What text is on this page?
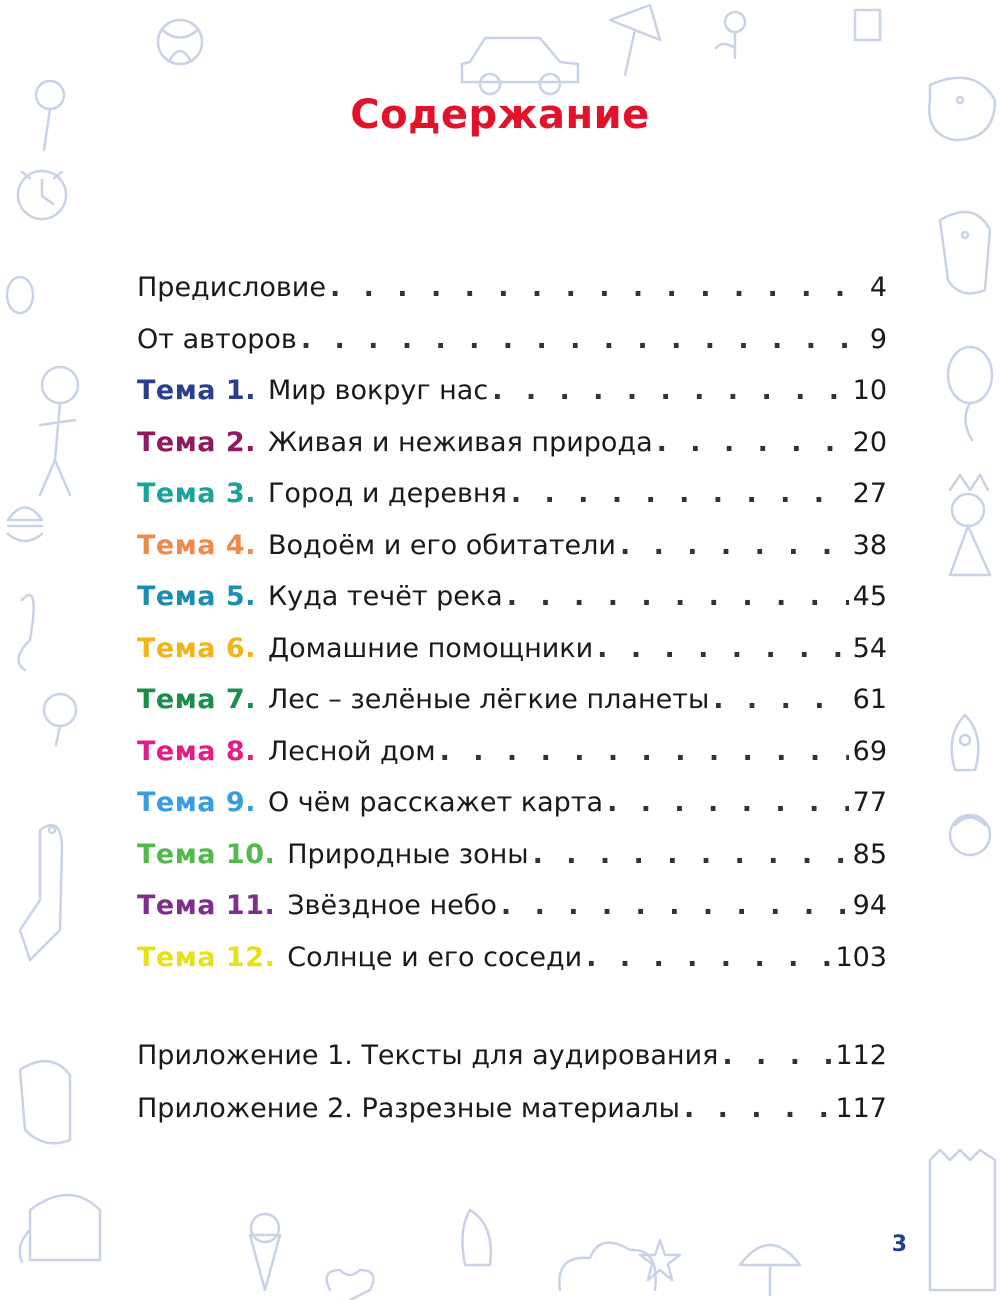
Содержание
Предисловие . . .	4
От авторов . . .	9
Тема 1. Мир вокруг нас . . .	10
Тема 2. Живая и неживая природа . . .	20
Тема 3. Город и деревня . . .	27
Тема 4. Водоём и его обитатели . . .	38
Тема 5. Куда течёт река . . .	45
Тема 6. Домашние помощники . . .	54
Тема 7. Лес – зелёные лёгкие планеты . . .	61
Тема 8. Лесной дом . . .	69
Тема 9. О чём расскажет карта . . .	77
Тема 10. Природные зоны . . .	85
Тема 11. Звёздное небо . . .	94
Тема 12. Солнце и его соседи . . .	103
Приложение 1. Тексты для аудирования . . .	112
Приложение 2. Разрезные материалы . . .	117
3
